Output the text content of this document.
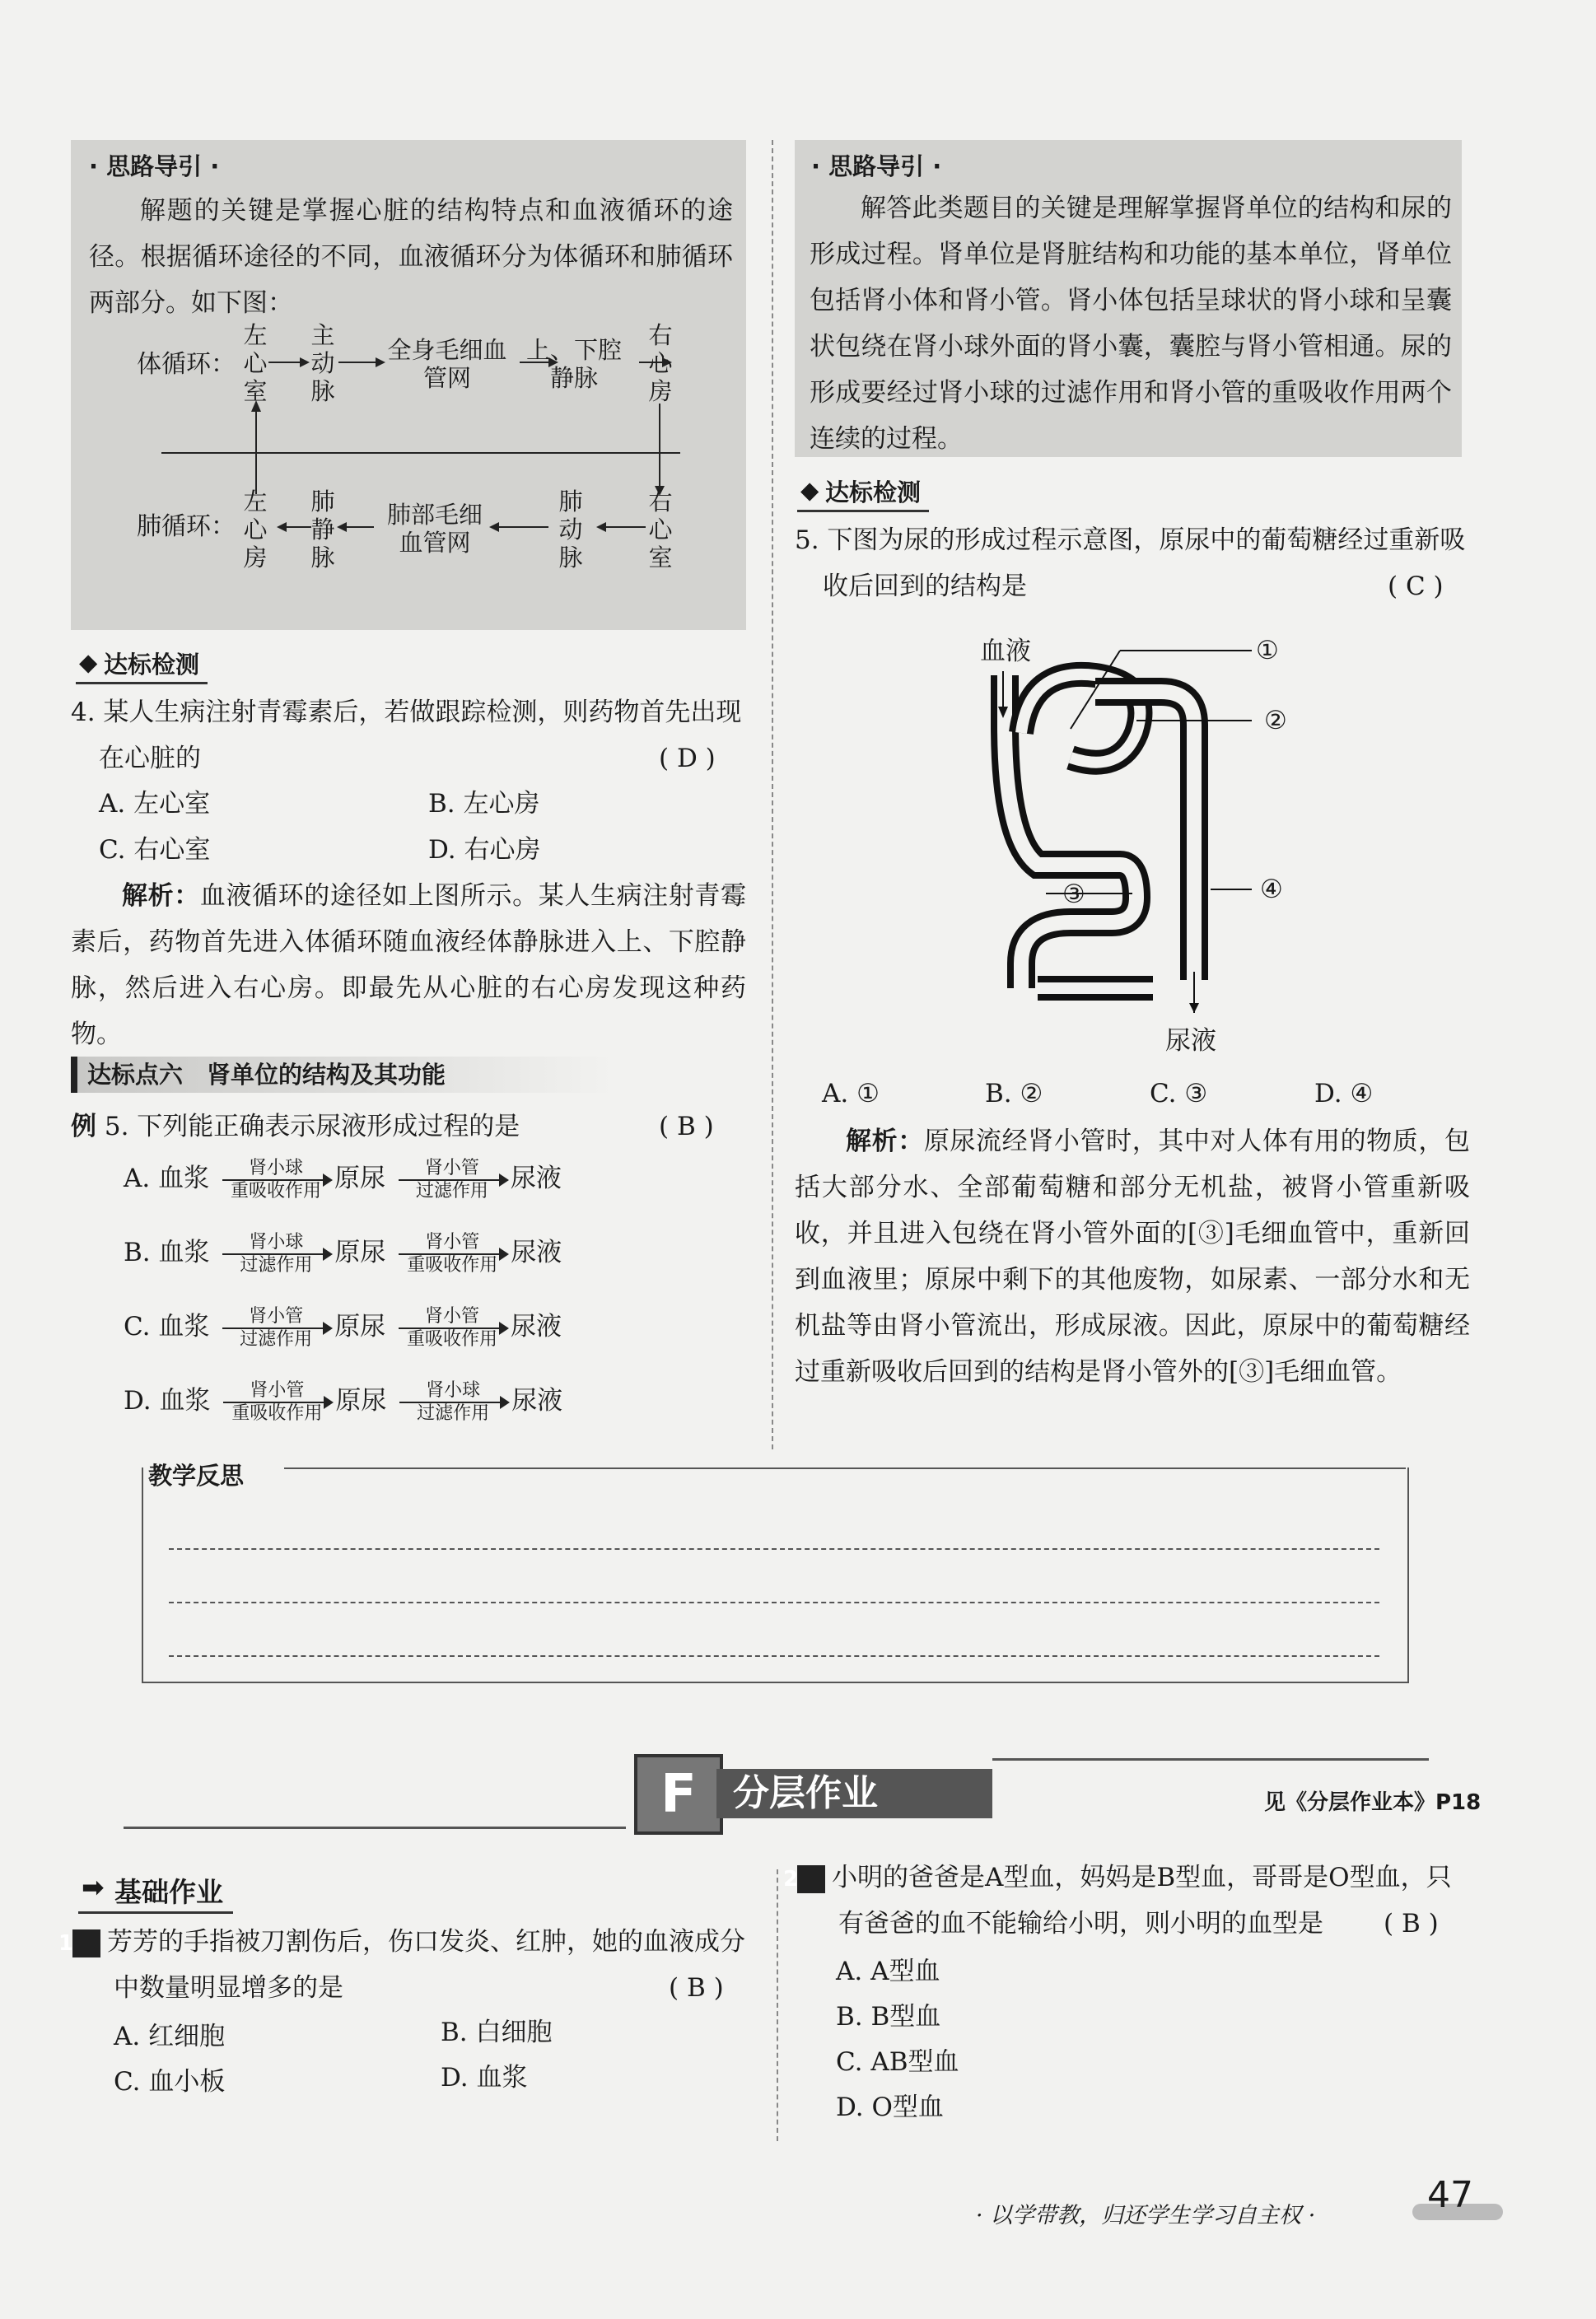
· 思路导引 ·
解题的关键是掌握心脏的结构特点和血液循环的途径。根据循环途径的不同，血液循环分为体循环和肺循环两部分。如下图：
体循环：
肺循环：
左心室
主动脉
全身毛细血管网
上、下腔静脉
右心房
左心房
肺静脉
肺部毛细血管网
肺动脉
右心室
◆ 达标检测
4. 某人生病注射青霉素后，若做跟踪检测，则药物首先出现在心脏的	( D )
A. 左心室	B. 左心房
C. 右心室	D. 右心房
解析：血液循环的途径如上图所示。某人生病注射青霉素后，药物首先进入体循环随血液经体静脉进入上、下腔静脉，然后进入右心房。即最先从心脏的右心房发现这种药物。
达标点六　肾单位的结构及其功能
例 5. 下列能正确表示尿液形成过程的是	( B )
A. 血浆	肾小球
重吸收作用 原尿	肾小管
过滤作用 尿液
B. 血浆	肾小球
过滤作用 原尿	肾小管
重吸收作用 尿液
C. 血浆	肾小管
过滤作用 原尿	肾小管
重吸收作用 尿液
D. 血浆	肾小管
重吸收作用 原尿	肾小球
过滤作用 尿液
· 思路导引 ·
解答此类题目的关键是理解掌握肾单位的结构和尿的形成过程。肾单位是肾脏结构和功能的基本单位，肾单位包括肾小体和肾小管。肾小体包括呈球状的肾小球和呈囊状包绕在肾小球外面的肾小囊，囊腔与肾小管相通。尿的形成要经过肾小球的过滤作用和肾小管的重吸收作用两个连续的过程。
◆ 达标检测
5. 下图为尿的形成过程示意图，原尿中的葡萄糖经过重新吸收后回到的结构是	( C )
血液	①
②
③	④
尿液
A. ①	B. ②	C. ③	D. ④
解析：原尿流经肾小管时，其中对人体有用的物质，包括大部分水、全部葡萄糖和部分无机盐，被肾小管重新吸收，并且进入包绕在肾小管外面的[③]毛细血管中，重新回到血液里；原尿中剩下的其他废物，如尿素、一部分水和无机盐等由肾小管流出，形成尿液。因此，原尿中的葡萄糖经过重新吸收后回到的结构是肾小管外的[③]毛细血管。
教学反思
F	分层作业	见《分层作业本》P18
➡ 基础作业
1 芳芳的手指被刀割伤后，伤口发炎、红肿，她的血液成分中数量明显增多的是	( B )
A. 红细胞	B. 白细胞
C. 血小板	D. 血浆
2 小明的爸爸是A型血，妈妈是B型血，哥哥是O型血，只有爸爸的血不能输给小明，则小明的血型是	( B )
A. A型血
B. B型血
C. AB型血
D. O型血
· 以学带教，归还学生学习自主权 ·	47
